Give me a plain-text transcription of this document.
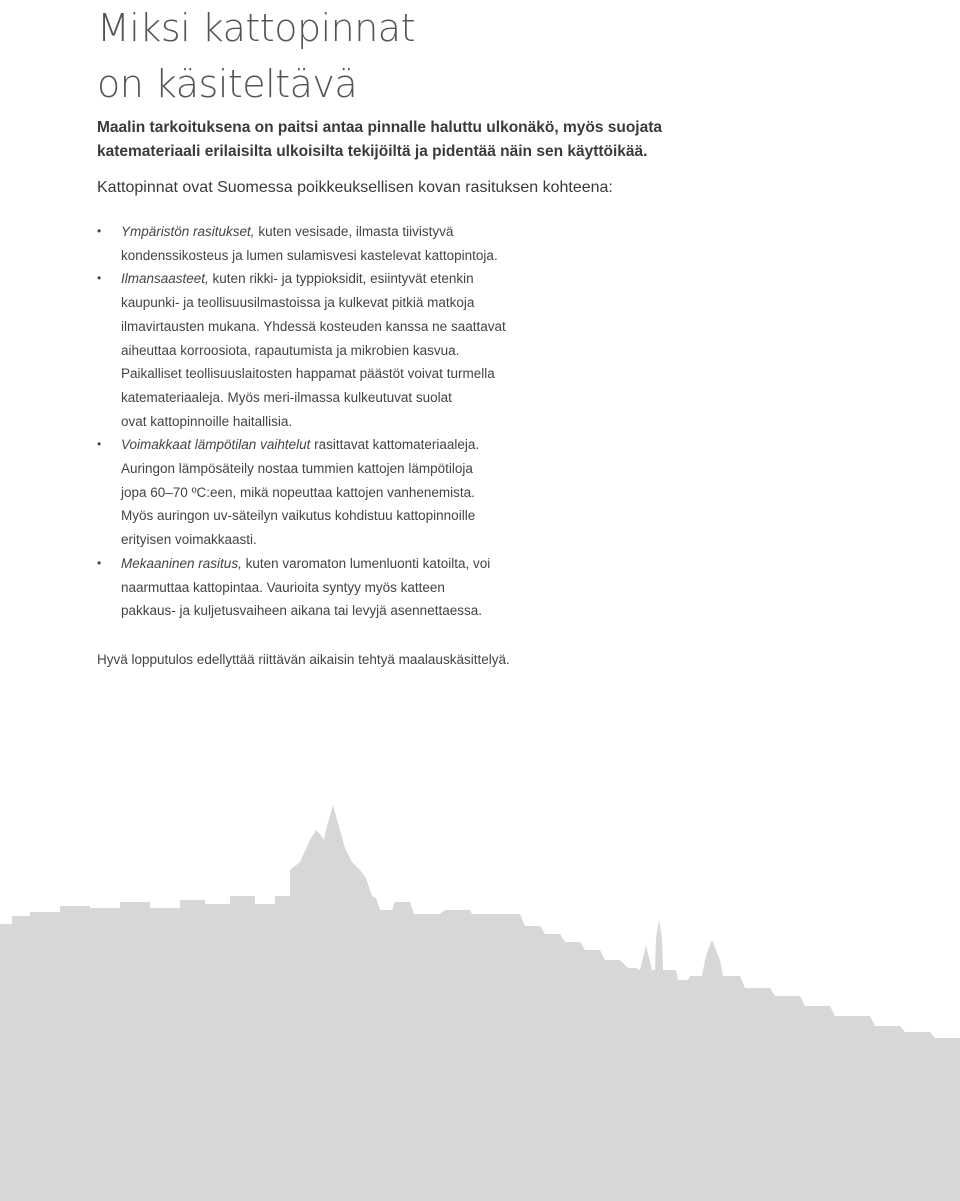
Miksi kattopinnat
on käsiteltävä

Maalin tarkoituksena on paitsi antaa pinnalle haluttu ulkonäkö, myös suojata
katemateriaali erilaisilta ulkoisilta tekijöiltä ja pidentää näin sen käyttöikää.

Kattopinnat ovat Suomessa poikkeuksellisen kovan rasituksen kohteena:

• Ympäristön rasitukset, kuten vesisade, ilmasta tiivistyvä
kondenssikosteus ja lumen sulamisvesi kastelevat kattopintoja.
• Ilmansaasteet, kuten rikki- ja typpioksidit, esiintyvät etenkin
kaupunki- ja teollisuusilmastoissa ja kulkevat pitkiä matkoja
ilmavirtausten mukana. Yhdessä kosteuden kanssa ne saattavat
aiheuttaa korroosiota, rapautumista ja mikrobien kasvua.
Paikalliset teollisuuslaitosten happamat päästöt voivat turmella
katemateriaaleja. Myös meri-ilmassa kulkeutuvat suolat
ovat kattopinnoille haitallisia.
• Voimakkaat lämpötilan vaihtelut rasittavat kattomateriaaleja.
Auringon lämpösäteily nostaa tummien kattojen lämpötiloja
jopa 60–70 ºC:een, mikä nopeuttaa kattojen vanhenemista.
Myös auringon uv-säteilyn vaikutus kohdistuu kattopinnoille
erityisen voimakkaasti.
• Mekaaninen rasitus, kuten varomaton lumenluonti katoilta, voi
naarmuttaa kattopintaa. Vaurioita syntyy myös katteen
pakkaus- ja kuljetusvaiheen aikana tai levyjä asennettaessa.

Hyvä lopputulos edellyttää riittävän aikaisin tehtyä maalauskäsittelyä.
